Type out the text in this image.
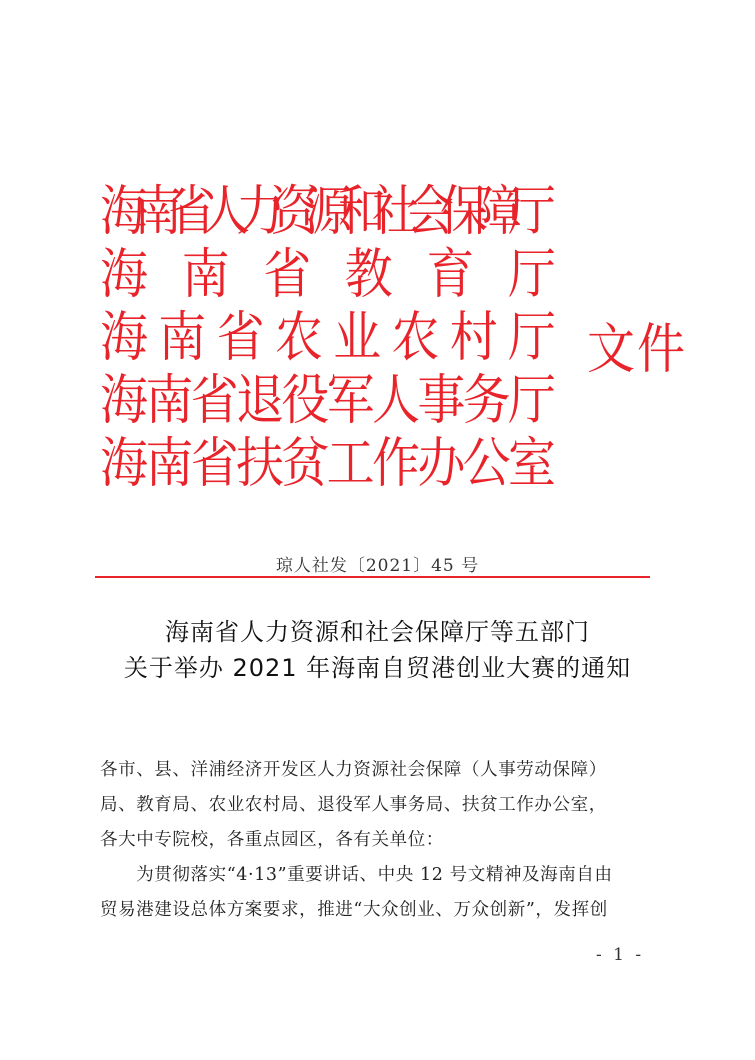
海
南
省
人
力
资
源
和
社
会
保
障
厅
海 南 省 教 育 厅
海 南 省 农 业 农 村 厅
海
南
省
退
役
军
人
事
务
厅
海
南
省
扶
贫
工
作
办
公
室
文件
琼人社发〔2021〕45 号
海南省人力资源和社会保障厅等五部门
关于举办 2021 年海南自贸港创业大赛的通知
各市、县、洋浦经济开发区人力资源社会保障（人事劳动保障）
局、教育局、农业农村局、退役军人事务局、扶贫工作办公室，
各大中专院校，各重点园区，各有关单位：
　　为贯彻落实“4·13”重要讲话、中央 12 号文精神及海南自由
贸易港建设总体方案要求，推进“大众创业、万众创新”，发挥创
- 1 -
